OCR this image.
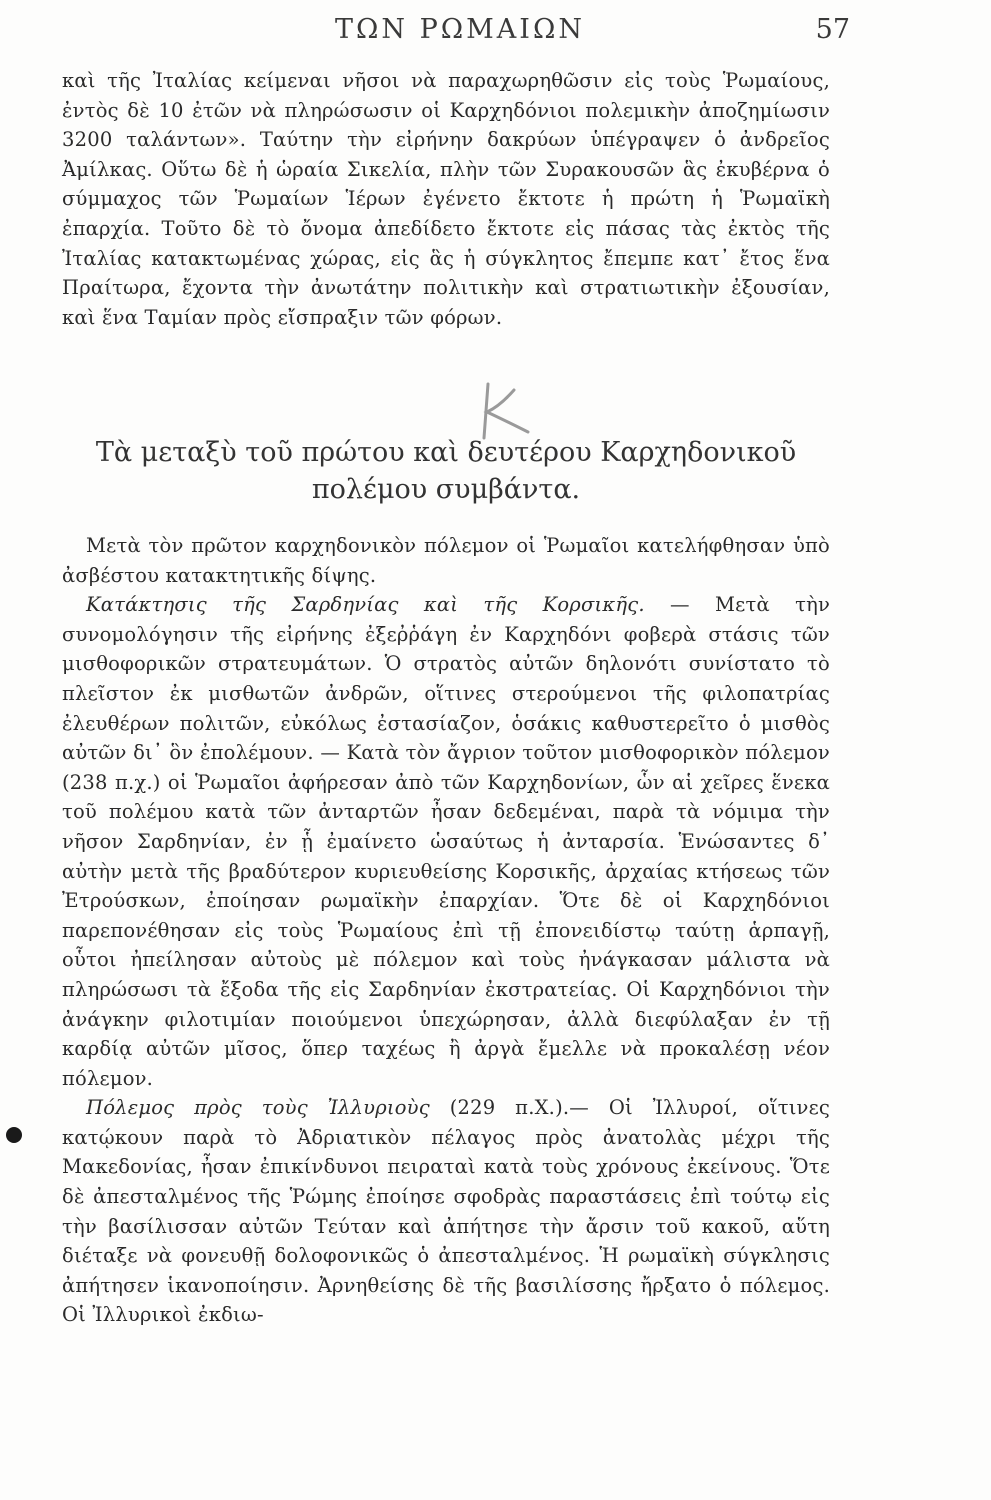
ΤΩΝ ΡΩΜΑΙΩΝ	57

καὶ τῆς Ἰταλίας κείμεναι νῆσοι νὰ παραχωρηθῶσιν εἰς τοὺς Ῥωμαίους, ἐντὸς δὲ 10 ἐτῶν νὰ πληρώσωσιν οἱ Καρχηδόνιοι πολεμικὴν ἀποζημίωσιν 3200 ταλάντων». Ταύτην τὴν εἰρήνην δακρύων ὑπέγραψεν ὁ ἀνδρεῖος Ἀμίλκας. Οὕτω δὲ ἡ ὡραία Σικελία, πλὴν τῶν Συρακουσῶν ἃς ἐκυβέρνα ὁ σύμμαχος τῶν Ῥωμαίων Ἱέρων ἐγένετο ἔκτοτε ἡ πρώτη ἡ Ῥωμαϊκὴ ἐπαρχία. Τοῦτο δὲ τὸ ὄνομα ἀπεδίδετο ἔκτοτε εἰς πάσας τὰς ἐκτὸς τῆς Ἰταλίας κατακτωμένας χώρας, εἰς ἃς ἡ σύγκλητος ἔπεμπε κατ᾽ ἔτος ἕνα Πραίτωρα, ἔχοντα τὴν ἀνωτάτην πολιτικὴν καὶ στρατιωτικὴν ἐξουσίαν, καὶ ἕνα Ταμίαν πρὸς εἴσπραξιν τῶν φόρων.

Τὰ μεταξὺ τοῦ πρώτου καὶ δευτέρου Καρχηδονικοῦ
πολέμου συμβάντα.

Μετὰ τὸν πρῶτον καρχηδονικὸν πόλεμον οἱ Ῥωμαῖοι κατελήφθησαν ὑπὸ ἀσβέστου κατακτητικῆς δίψης.

Κατάκτησις τῆς Σαρδηνίας καὶ τῆς Κορσικῆς. — Μετὰ τὴν συνομολόγησιν τῆς εἰρήνης ἐξεῤῥάγη ἐν Καρχηδόνι φοβερὰ στάσις τῶν μισθοφορικῶν στρατευμάτων. Ὁ στρατὸς αὐτῶν δηλονότι συνίστατο τὸ πλεῖστον ἐκ μισθωτῶν ἀνδρῶν, οἵτινες στερούμενοι τῆς φιλοπατρίας ἐλευθέρων πολιτῶν, εὐκόλως ἐστασίαζον, ὁσάκις καθυστερεῖτο ὁ μισθὸς αὐτῶν δι᾽ ὃν ἐπολέμουν. — Κατὰ τὸν ἄγριον τοῦτον μισθοφορικὸν πόλεμον (238 π.χ.) οἱ Ῥωμαῖοι ἀφήρεσαν ἀπὸ τῶν Καρχηδονίων, ὧν αἱ χεῖρες ἕνεκα τοῦ πολέμου κατὰ τῶν ἀνταρτῶν ἦσαν δεδεμέναι, παρὰ τὰ νόμιμα τὴν νῆσον Σαρδηνίαν, ἐν ᾗ ἐμαίνετο ὡσαύτως ἡ ἀνταρσία. Ἑνώσαντες δ᾽ αὐτὴν μετὰ τῆς βραδύτερον κυριευθείσης Κορσικῆς, ἀρχαίας κτήσεως τῶν Ἐτρούσκων, ἐποίησαν ρωμαϊκὴν ἐπαρχίαν. Ὅτε δὲ οἱ Καρχηδόνιοι παρεπονέθησαν εἰς τοὺς Ῥωμαίους ἐπὶ τῇ ἐπονειδίστῳ ταύτῃ ἁρπαγῇ, οὗτοι ἠπείλησαν αὐτοὺς μὲ πόλεμον καὶ τοὺς ἠνάγκασαν μάλιστα νὰ πληρώσωσι τὰ ἔξοδα τῆς εἰς Σαρδηνίαν ἐκστρατείας. Οἱ Καρχηδόνιοι τὴν ἀνάγκην φιλοτιμίαν ποιούμενοι ὑπεχώρησαν, ἀλλὰ διεφύλαξαν ἐν τῇ καρδίᾳ αὐτῶν μῖσος, ὅπερ ταχέως ἢ ἀργὰ ἔμελλε νὰ προκαλέσῃ νέον πόλεμον.

Πόλεμος πρὸς τοὺς Ἰλλυριοὺς (229 π.Χ.).— Οἱ Ἰλλυροί, οἵτινες κατῴκουν παρὰ τὸ Ἀδριατικὸν πέλαγος πρὸς ἀνατολὰς μέχρι τῆς Μακεδονίας, ἦσαν ἐπικίνδυνοι πειραταὶ κατὰ τοὺς χρόνους ἐκείνους. Ὅτε δὲ ἀπεσταλμένος τῆς Ῥώμης ἐποίησε σφοδρὰς παραστάσεις ἐπὶ τούτῳ εἰς τὴν βασίλισσαν αὐτῶν Τεύταν καὶ ἀπήτησε τὴν ἄρσιν τοῦ κακοῦ, αὕτη διέταξε νὰ φονευθῇ δολοφονικῶς ὁ ἀπεσταλμένος. Ἡ ρωμαϊκὴ σύγκλησις ἀπήτησεν ἱκανοποίησιν. Ἀρνηθείσης δὲ τῆς βασιλίσσης ἤρξατο ὁ πόλεμος. Οἱ Ἰλλυρικοὶ ἐκδιω-
